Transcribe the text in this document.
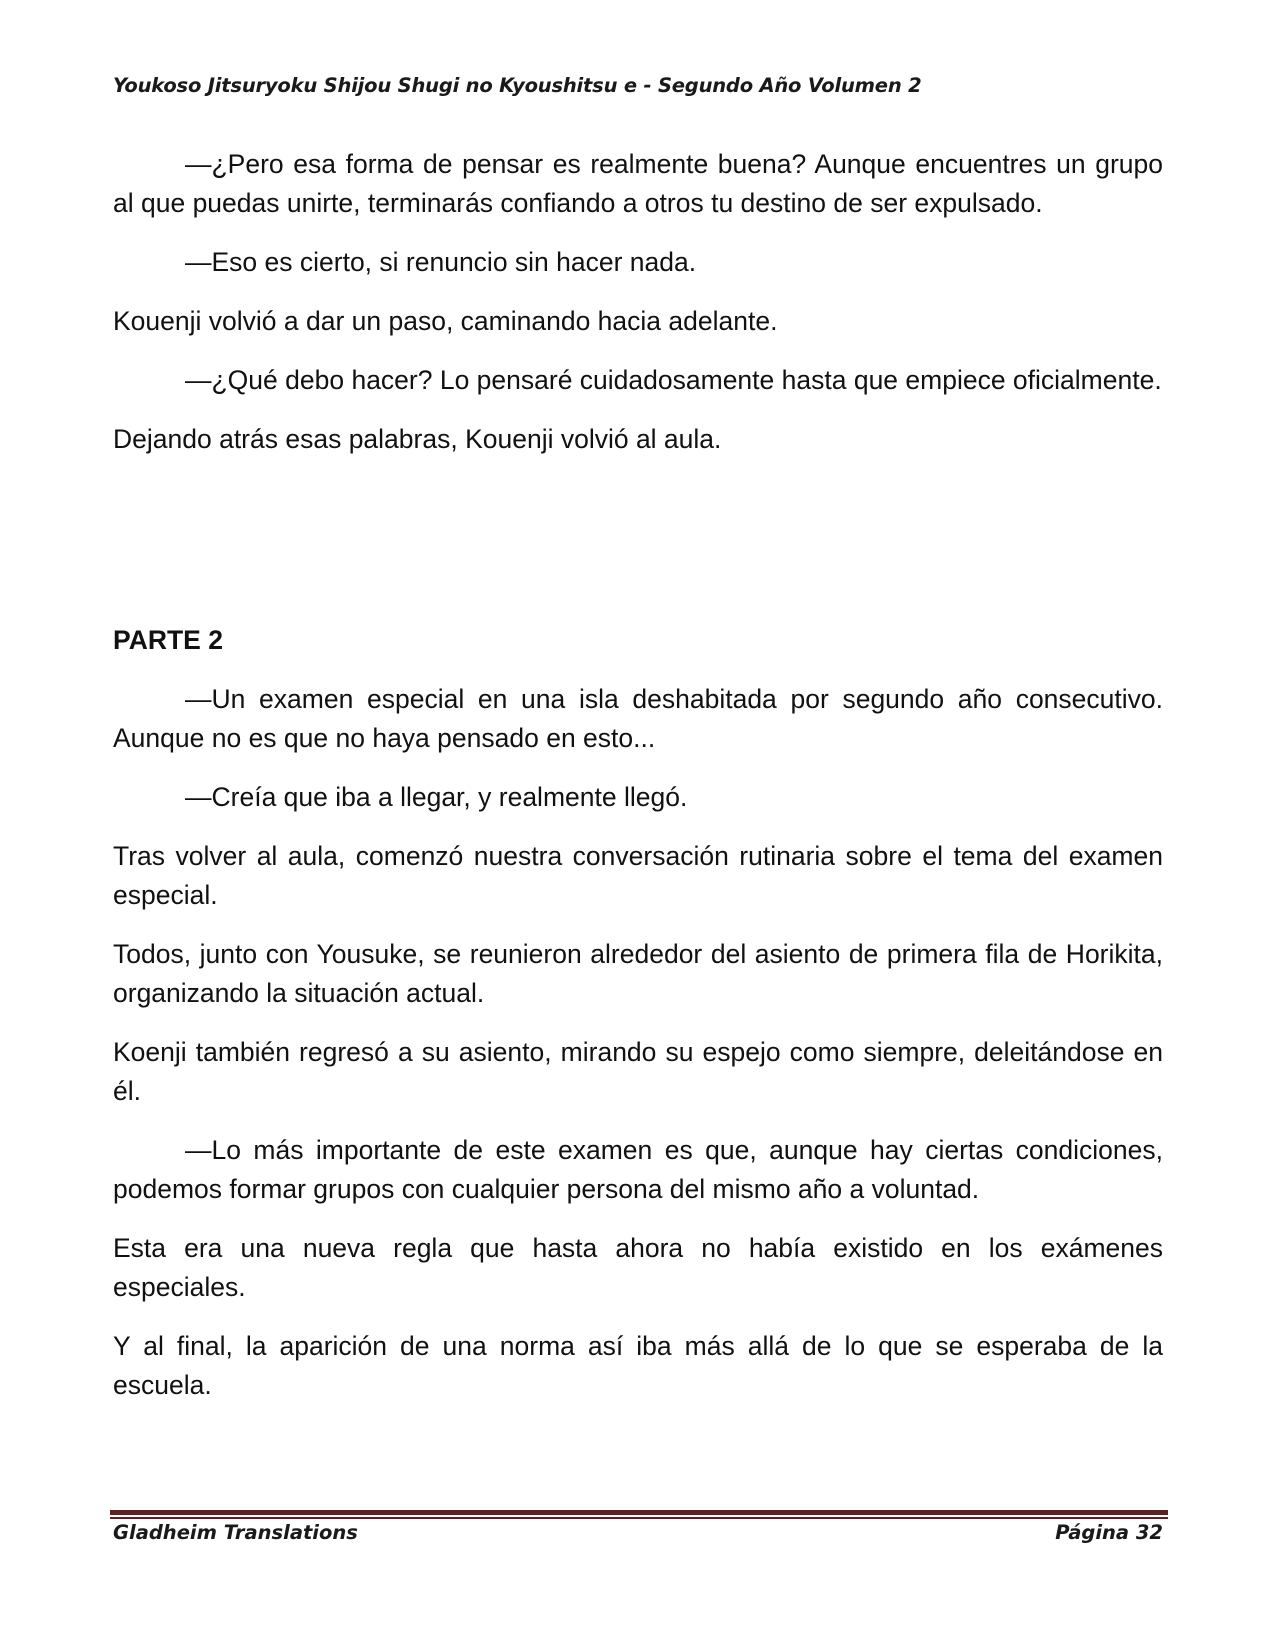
Youkoso Jitsuryoku Shijou Shugi no Kyoushitsu e - Segundo Año Volumen 2

—¿Pero esa forma de pensar es realmente buena? Aunque encuentres un grupo al que puedas unirte, terminarás confiando a otros tu destino de ser expulsado.

—Eso es cierto, si renuncio sin hacer nada.

Kouenji volvió a dar un paso, caminando hacia adelante.

—¿Qué debo hacer? Lo pensaré cuidadosamente hasta que empiece oficialmente.

Dejando atrás esas palabras, Kouenji volvió al aula.

PARTE 2

—Un examen especial en una isla deshabitada por segundo año consecutivo. Aunque no es que no haya pensado en esto...

—Creía que iba a llegar, y realmente llegó.

Tras volver al aula, comenzó nuestra conversación rutinaria sobre el tema del examen especial.

Todos, junto con Yousuke, se reunieron alrededor del asiento de primera fila de Horikita, organizando la situación actual.

Koenji también regresó a su asiento, mirando su espejo como siempre, deleitándose en él.

—Lo más importante de este examen es que, aunque hay ciertas condiciones, podemos formar grupos con cualquier persona del mismo año a voluntad.

Esta era una nueva regla que hasta ahora no había existido en los exámenes especiales.

Y al final, la aparición de una norma así iba más allá de lo que se esperaba de la escuela.

Gladheim Translations	Página 32
